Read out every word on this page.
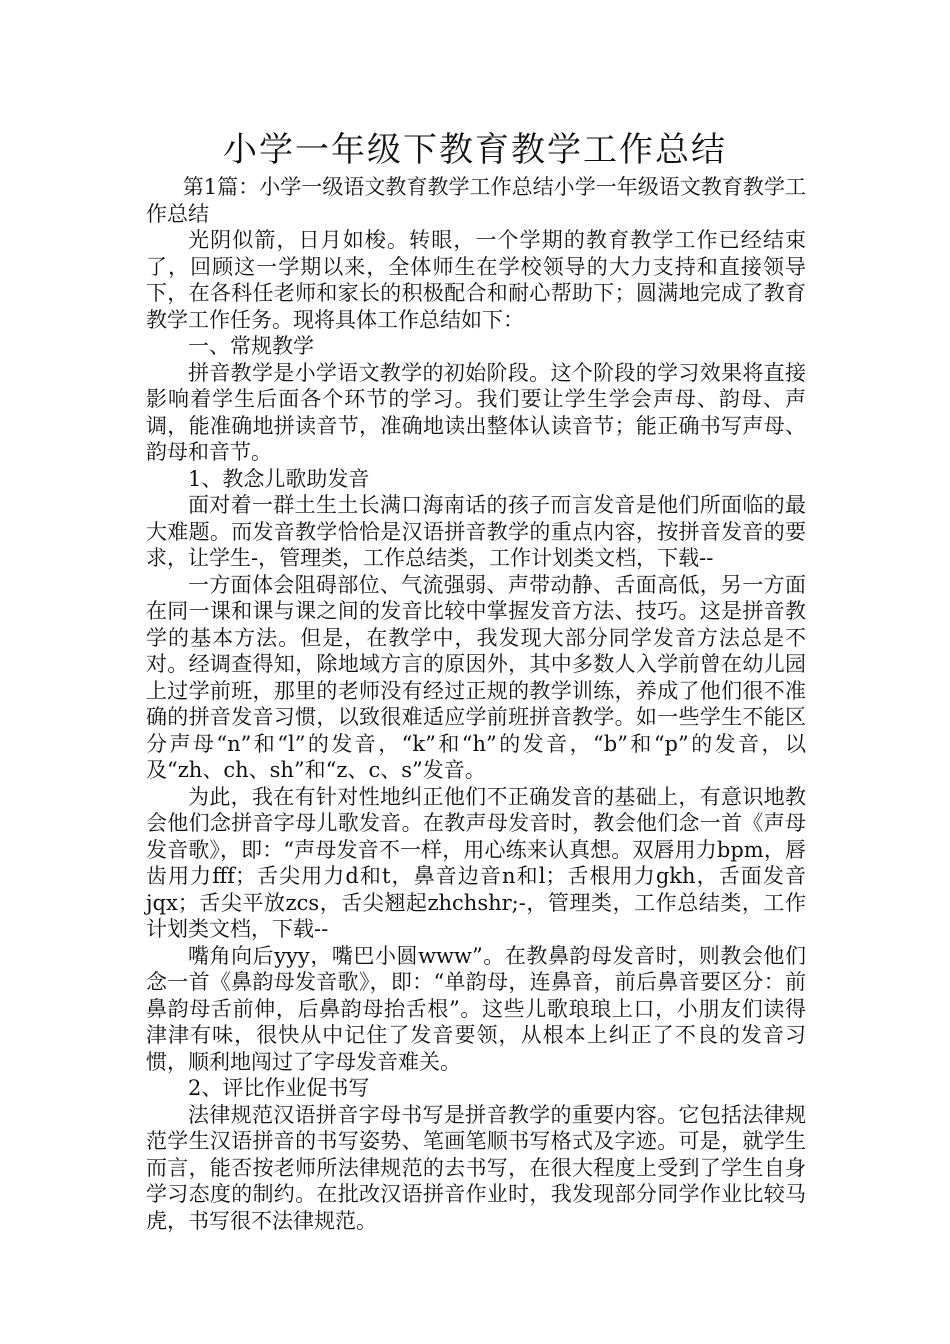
小学一年级下教育教学工作总结

第1篇：小学一级语文教育教学工作总结小学一年级语文教育教学工作总结

光阴似箭，日月如梭。转眼，一个学期的教育教学工作已经结束了，回顾这一学期以来，全体师生在学校领导的大力支持和直接领导下，在各科任老师和家长的积极配合和耐心帮助下；圆满地完成了教育教学工作任务。现将具体工作总结如下：

一、常规教学

拼音教学是小学语文教学的初始阶段。这个阶段的学习效果将直接影响着学生后面各个环节的学习。我们要让学生学会声母、韵母、声调，能准确地拼读音节，准确地读出整体认读音节；能正确书写声母、韵母和音节。

1、教念儿歌助发音

面对着一群土生土长满口海南话的孩子而言发音是他们所面临的最大难题。而发音教学恰恰是汉语拼音教学的重点内容，按拼音发音的要求，让学生-，管理类，工作总结类，工作计划类文档，下载--

一方面体会阻碍部位、气流强弱、声带动静、舌面高低，另一方面在同一课和课与课之间的发音比较中掌握发音方法、技巧。这是拼音教学的基本方法。但是，在教学中，我发现大部分同学发音方法总是不对。经调查得知，除地域方言的原因外，其中多数人入学前曾在幼儿园上过学前班，那里的老师没有经过正规的教学训练，养成了他们很不准确的拼音发音习惯，以致很难适应学前班拼音教学。如一些学生不能区分声母“n”和“l”的发音，“k”和“h”的发音，“b”和“p”的发音，以及“zh、ch、sh”和“z、c、s”发音。

为此，我在有针对性地纠正他们不正确发音的基础上，有意识地教会他们念拼音字母儿歌发音。在教声母发音时，教会他们念一首《声母发音歌》，即：“声母发音不一样，用心练来认真想。双唇用力bpm，唇齿用力fff；舌尖用力d和t，鼻音边音n和l；舌根用力gkh，舌面发音jqx；舌尖平放zcs，舌尖翘起zhchshr;-，管理类，工作总结类，工作计划类文档，下载--

嘴角向后yyy，嘴巴小圆www”。在教鼻韵母发音时，则教会他们念一首《鼻韵母发音歌》，即：“单韵母，连鼻音，前后鼻音要区分：前鼻韵母舌前伸，后鼻韵母抬舌根”。这些儿歌琅琅上口，小朋友们读得津津有味，很快从中记住了发音要领，从根本上纠正了不良的发音习惯，顺利地闯过了字母发音难关。

2、评比作业促书写

法律规范汉语拼音字母书写是拼音教学的重要内容。它包括法律规范学生汉语拼音的书写姿势、笔画笔顺书写格式及字迹。可是，就学生而言，能否按老师所法律规范的去书写，在很大程度上受到了学生自身学习态度的制约。在批改汉语拼音作业时，我发现部分同学作业比较马虎，书写很不法律规范。
